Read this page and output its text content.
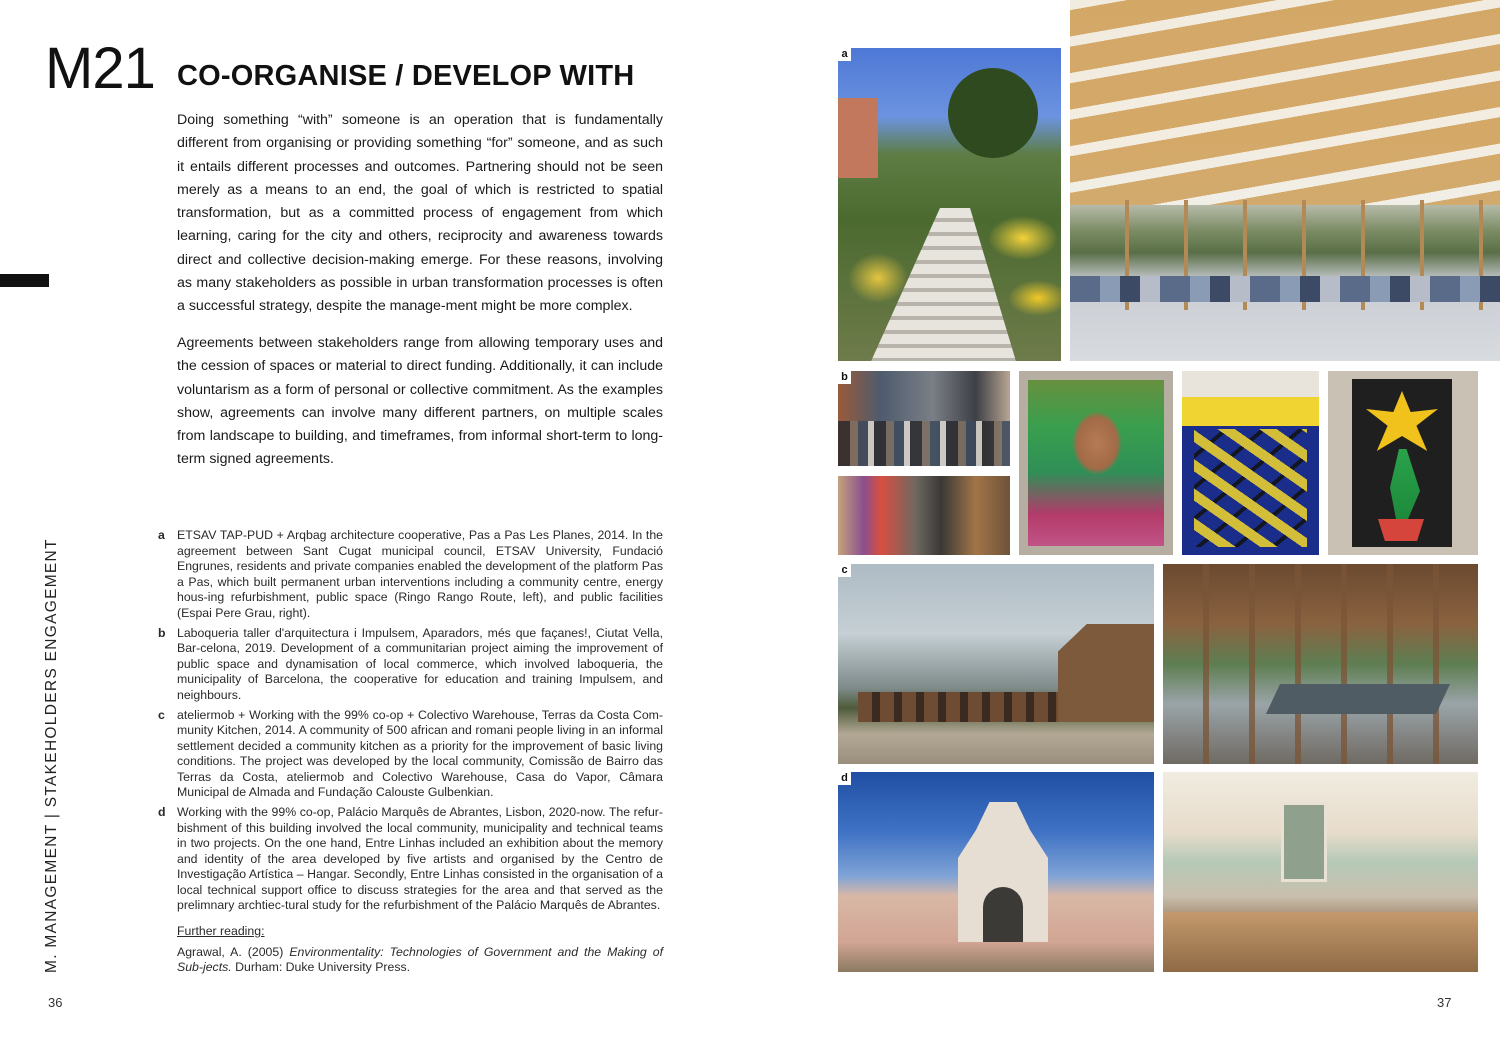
M21 CO-ORGANISE / DEVELOP WITH
M. MANAGEMENT | STAKEHOLDERS ENGAGEMENT

Doing something “with” someone is an operation that is fundamentally different from organising or providing something “for” someone, and as such it entails different processes and outcomes. Partnering should not be seen merely as a means to an end, the goal of which is restricted to spatial transformation, but as a committed process of engagement from which learning, caring for the city and others, reciprocity and awareness towards direct and collective decision-making emerge. For these reasons, involving as many stakeholders as possible in urban transformation processes is often a successful strategy, despite the manage-ment might be more complex.

Agreements between stakeholders range from allowing temporary uses and the cession of spaces or material to direct funding. Additionally, it can include voluntarism as a form of personal or collective commitment. As the examples show, agreements can involve many different partners, on multiple scales from landscape to building, and timeframes, from informal short-term to long-term signed agreements.

a ETSAV TAP-PUD + Arqbag architecture cooperative, Pas a Pas Les Planes, 2014. In the agreement between Sant Cugat municipal council, ETSAV University, Fundació Engrunes, residents and private companies enabled the development of the platform Pas a Pas, which built permanent urban interventions including a community centre, energy hous-ing refurbishment, public space (Ringo Rango Route, left), and public facilities (Espai Pere Grau, right).
b Laboqueria taller d'arquitectura i Impulsem, Aparadors, més que façanes!, Ciutat Vella, Bar-celona, 2019. Development of a communitarian project aiming the improvement of public space and dynamisation of local commerce, which involved laboqueria, the municipality of Barcelona, the cooperative for education and training Impulsem, and neighbours.
c ateliermob + Working with the 99% co-op + Colectivo Warehouse, Terras da Costa Com-munity Kitchen, 2014. A community of 500 african and romani people living in an informal settlement decided a community kitchen as a priority for the improvement of basic living conditions. The project was developed by the local community, Comissão de Bairro das Terras da Costa, ateliermob and Colectivo Warehouse, Casa do Vapor, Câmara Municipal de Almada and Fundação Calouste Gulbenkian.
d Working with the 99% co-op, Palácio Marquês de Abrantes, Lisbon, 2020-now. The refur-bishment of this building involved the local community, municipality and technical teams in two projects. On the one hand, Entre Linhas included an exhibition about the memory and identity of the area developed by five artists and organised by the Centro de Investigação Artística – Hangar. Secondly, Entre Linhas consisted in the organisation of a local technical support office to discuss strategies for the area and that served as the prelimnary archtiec-tural study for the refurbishment of the Palácio Marquês de Abrantes.
Further reading:
Agrawal, A. (2005) Environmentality: Technologies of Government and the Making of Sub-jects. Durham: Duke University Press.
36	37
a
b
c
d
